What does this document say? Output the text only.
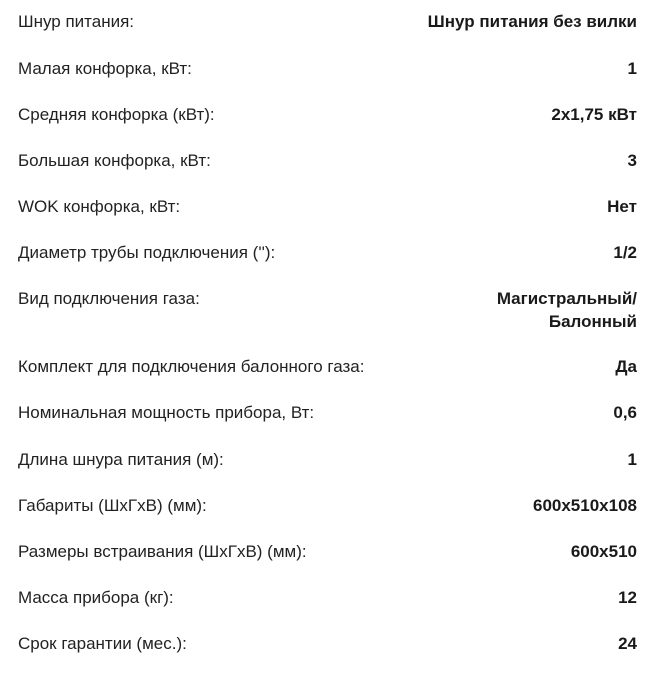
Шнур питания:	Шнур питания без вилки
Малая конфорка, кВт:	1
Средняя конфорка (кВт):	2x1,75 кВт
Большая конфорка, кВт:	3
WOK конфорка, кВт:	Нет
Диаметр трубы подключения (''):	1/2
Вид подключения газа:	Магистральный/
Балонный
Комплект для подключения балонного газа:	Да
Номинальная мощность прибора, Вт:	0,6
Длина шнура питания (м):	1
Габариты (ШхГхВ) (мм):	600x510x108
Размеры встраивания (ШхГхВ) (мм):	600x510
Масса прибора (кг):	12
Срок гарантии (мес.):	24
